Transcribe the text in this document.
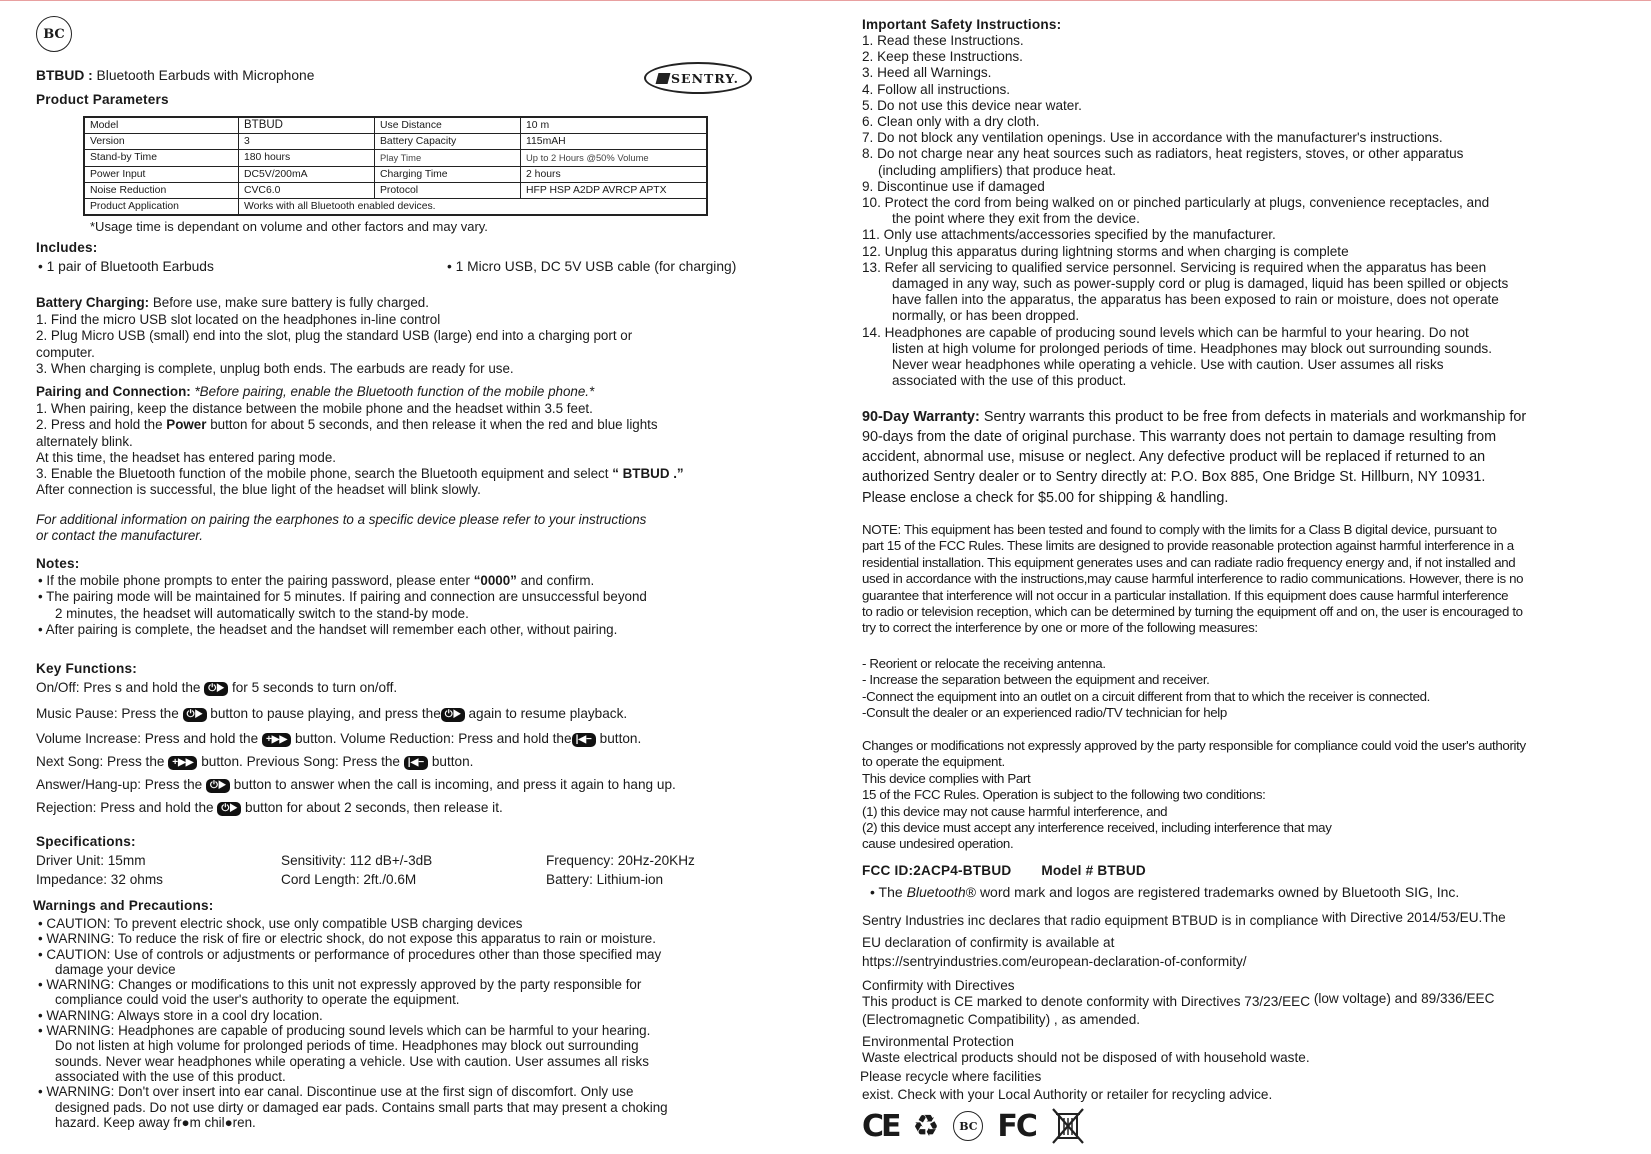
BC
BTBUD : Bluetooth Earbuds with Microphone	SENTRY.
Product Parameters
Model	BTBUD	Use Distance	10 m
Version	3	Battery Capacity	115mAH
Stand-by Time	180 hours	Play Time	Up to 2 Hours @50% Volume
Power Input	DC5V/200mA	Charging Time	2 hours
Noise Reduction	CVC6.0	Protocol	HFP HSP A2DP AVRCP APTX
Product Application	Works with all Bluetooth enabled devices.		
*Usage time is dependant on volume and other factors and may vary.
Includes:
• 1 pair of Bluetooth Earbuds	• 1 Micro USB, DC 5V USB cable (for charging)
Battery Charging: Before use, make sure battery is fully charged.
1. Find the micro USB slot located on the headphones in-line control
2. Plug Micro USB (small) end into the slot, plug the standard USB (large) end into a charging port or
computer.
3. When charging is complete, unplug both ends. The earbuds are ready for use.
Pairing and Connection: *Before pairing, enable the Bluetooth function of the mobile phone.*
1. When pairing, keep the distance between the mobile phone and the headset within 3.5 feet.
2. Press and hold the Power button for about 5 seconds, and then release it when the red and blue lights
alternately blink.
At this time, the headset has entered paring mode.
3. Enable the Bluetooth function of the mobile phone, search the Bluetooth equipment and select “ BTBUD .”
After connection is successful, the blue light of the headset will blink slowly.
For additional information on pairing the earphones to a specific device please refer to your instructions
or contact the manufacturer.
Notes:
• If the mobile phone prompts to enter the pairing password, please enter “0000” and confirm.
• The pairing mode will be maintained for 5 minutes. If pairing and connection are unsuccessful beyond
2 minutes, the headset will automatically switch to the stand-by mode.
• After pairing is complete, the headset and the handset will remember each other, without pairing.
Key Functions:
On/Off: Pres s and hold the ⏻▶ for 5 seconds to turn on/off.
Music Pause: Press the ⏻▶ button to pause playing, and press the ⏻▶ again to resume playback.
Volume Increase: Press and hold the +▶▶ button. Volume Reduction: Press and hold the |◀− button.
Next Song: Press the +▶▶ button. Previous Song: Press the |◀− button.
Answer/Hang-up: Press the ⏻▶ button to answer when the call is incoming, and press it again to hang up.
Rejection: Press and hold the ⏻▶ button for about 2 seconds, then release it.
Specifications:
Driver Unit: 15mm	Sensitivity: 112 dB+/-3dB	Frequency: 20Hz-20KHz
Impedance: 32 ohms	Cord Length: 2ft./0.6M	Battery: Lithium-ion
Warnings and Precautions:
• CAUTION: To prevent electric shock, use only compatible USB charging devices
• WARNING: To reduce the risk of fire or electric shock, do not expose this apparatus to rain or moisture.
• CAUTION: Use of controls or adjustments or performance of procedures other than those specified may
damage your device
• WARNING: Changes or modifications to this unit not expressly approved by the party responsible for
compliance could void the user's authority to operate the equipment.
• WARNING: Always store in a cool dry location.
• WARNING: Headphones are capable of producing sound levels which can be harmful to your hearing.
Do not listen at high volume for prolonged periods of time. Headphones may block out surrounding
sounds. Never wear headphones while operating a vehicle. Use with caution. User assumes all risks
associated with the use of this product.
• WARNING: Don't over insert into ear canal. Discontinue use at the first sign of discomfort. Only use
designed pads. Do not use dirty or damaged ear pads. Contains small parts that may present a choking
hazard. Keep away fr●m chil●ren.
Important Safety Instructions:
1. Read these Instructions.
2. Keep these Instructions.
3. Heed all Warnings.
4. Follow all instructions.
5. Do not use this device near water.
6. Clean only with a dry cloth.
7. Do not block any ventilation openings. Use in accordance with the manufacturer's instructions.
8. Do not charge near any heat sources such as radiators, heat registers, stoves, or other apparatus
(including amplifiers) that produce heat.
9. Discontinue use if damaged
10. Protect the cord from being walked on or pinched particularly at plugs, convenience receptacles, and
the point where they exit from the device.
11. Only use attachments/accessories specified by the manufacturer.
12. Unplug this apparatus during lightning storms and when charging is complete
13. Refer all servicing to qualified service personnel. Servicing is required when the apparatus has been
damaged in any way, such as power-supply cord or plug is damaged, liquid has been spilled or objects
have fallen into the apparatus, the apparatus has been exposed to rain or moisture, does not operate
normally, or has been dropped.
14. Headphones are capable of producing sound levels which can be harmful to your hearing. Do not
listen at high volume for prolonged periods of time. Headphones may block out surrounding sounds.
Never wear headphones while operating a vehicle. Use with caution. User assumes all risks
associated with the use of this product.
90-Day Warranty: Sentry warrants this product to be free from defects in materials and workmanship for
90-days from the date of original purchase. This warranty does not pertain to damage resulting from
accident, abnormal use, misuse or neglect. Any defective product will be replaced if returned to an
authorized Sentry dealer or to Sentry directly at: P.O. Box 885, One Bridge St. Hillburn, NY 10931.
Please enclose a check for $5.00 for shipping & handling.
NOTE: This equipment has been tested and found to comply with the limits for a Class B digital device, pursuant to
part 15 of the FCC Rules. These limits are designed to provide reasonable protection against harmful interference in a
residential installation. This equipment generates uses and can radiate radio frequency energy and, if not installed and
used in accordance with the instructions,may cause harmful interference to radio communications. However, there is no
guarantee that interference will not occur in a particular installation. If this equipment does cause harmful interference
to radio or television reception, which can be determined by turning the equipment off and on, the user is encouraged to
try to correct the interference by one or more of the following measures:
- Reorient or relocate the receiving antenna.
- Increase the separation between the equipment and receiver.
-Connect the equipment into an outlet on a circuit different from that to which the receiver is connected.
-Consult the dealer or an experienced radio/TV technician for help
Changes or modifications not expressly approved by the party responsible for compliance could void the user's authority
to operate the equipment.
This device complies with Part
15 of the FCC Rules. Operation is subject to the following two conditions:
(1) this device may not cause harmful interference, and
(2) this device must accept any interference received, including interference that may
cause undesired operation.
FCC ID:2ACP4-BTBUD Model # BTBUD
• The Bluetooth® word mark and logos are registered trademarks owned by Bluetooth SIG, Inc.
Sentry Industries inc declares that radio equipment BTBUD is in compliance with Directive 2014/53/EU.The
EU declaration of confirmity is available at
https://sentryindustries.com/european-declaration-of-conformity/
Confirmity with Directives
This product is CE marked to denote conformity with Directives 73/23/EEC (low voltage) and 89/336/EEC
(Electromagnetic Compatibility) , as amended.
Environmental Protection
Waste electrical products should not be disposed of with household waste.
Please recycle where facilities
exist. Check with your Local Authority or retailer for recycling advice.
CE ♻ BC FC
